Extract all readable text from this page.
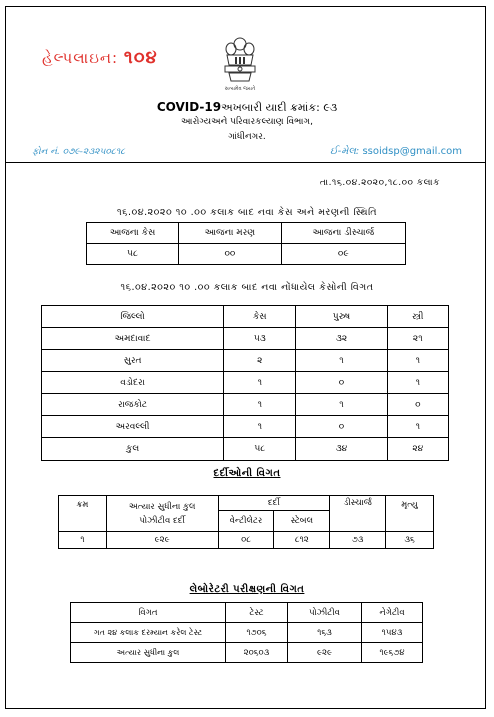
હેલ્પલાઇન: ૧૦૪
સત્યમેવ જયતે
COVID-19અખબારી યાદી ક્રમાંક: ૯૩
આરોગ્યઅને પરિવારકલ્યાણ વિભાગ,
ગાંધીનગર.
ફોન નં. ૦૭૯-૨૩૨૫૦૮૧૮	ઈ-મેલ: ssoidsp@gmail.com
તા.૧૬.૦૪.૨૦૨૦,૧૮.૦૦ કલાક
૧૬.૦૪.૨૦૨૦ ૧૦ .૦૦ કલાક બાદ નવા કેસ અને મરણની સ્થિતિ
આજના કેસ	આજના મરણ	આજના ડીસ્ચાર્જ
૫૮	૦૦	૦૯
૧૬.૦૪.૨૦૨૦ ૧૦ .૦૦ કલાક બાદ નવા નોંધાયેલ કેસોની વિગત
જિલ્લો	કેસ	પુરુષ	સ્ત્રી
અમદાવાદ	૫૩	૩૨	૨૧
સુરત	૨	૧	૧
વડોદરા	૧	૦	૧
રાજકોટ	૧	૧	૦
અરવલ્લી	૧	૦	૧
કુલ	૫૮	૩૪	૨૪
દર્દીઓની વિગત
ક્રમ	અત્યાર સુધીના કુલ પોઝીટીવ દર્દી	દર્દી		ડીસ્ચાર્જ	મૃત્યુ
		વેન્ટીલેટર	સ્ટેબલ		
૧	૯૨૯	૦૮	૮૧૨	૭૩	૩૬
લેબોરેટરી પરીક્ષણની વિગત
વિગત	ટેસ્ટ	પોઝીટીવ	નેગેટીવ
ગત ૨૪ કલાક દરમ્યાન કરેલ ટેસ્ટ	૧૭૦૬	૧૬૩	૧૫૪૩
અત્યાર સુધીના કુલ	૨૦૬૦૩	૯૨૯	૧૯૬૭૪
